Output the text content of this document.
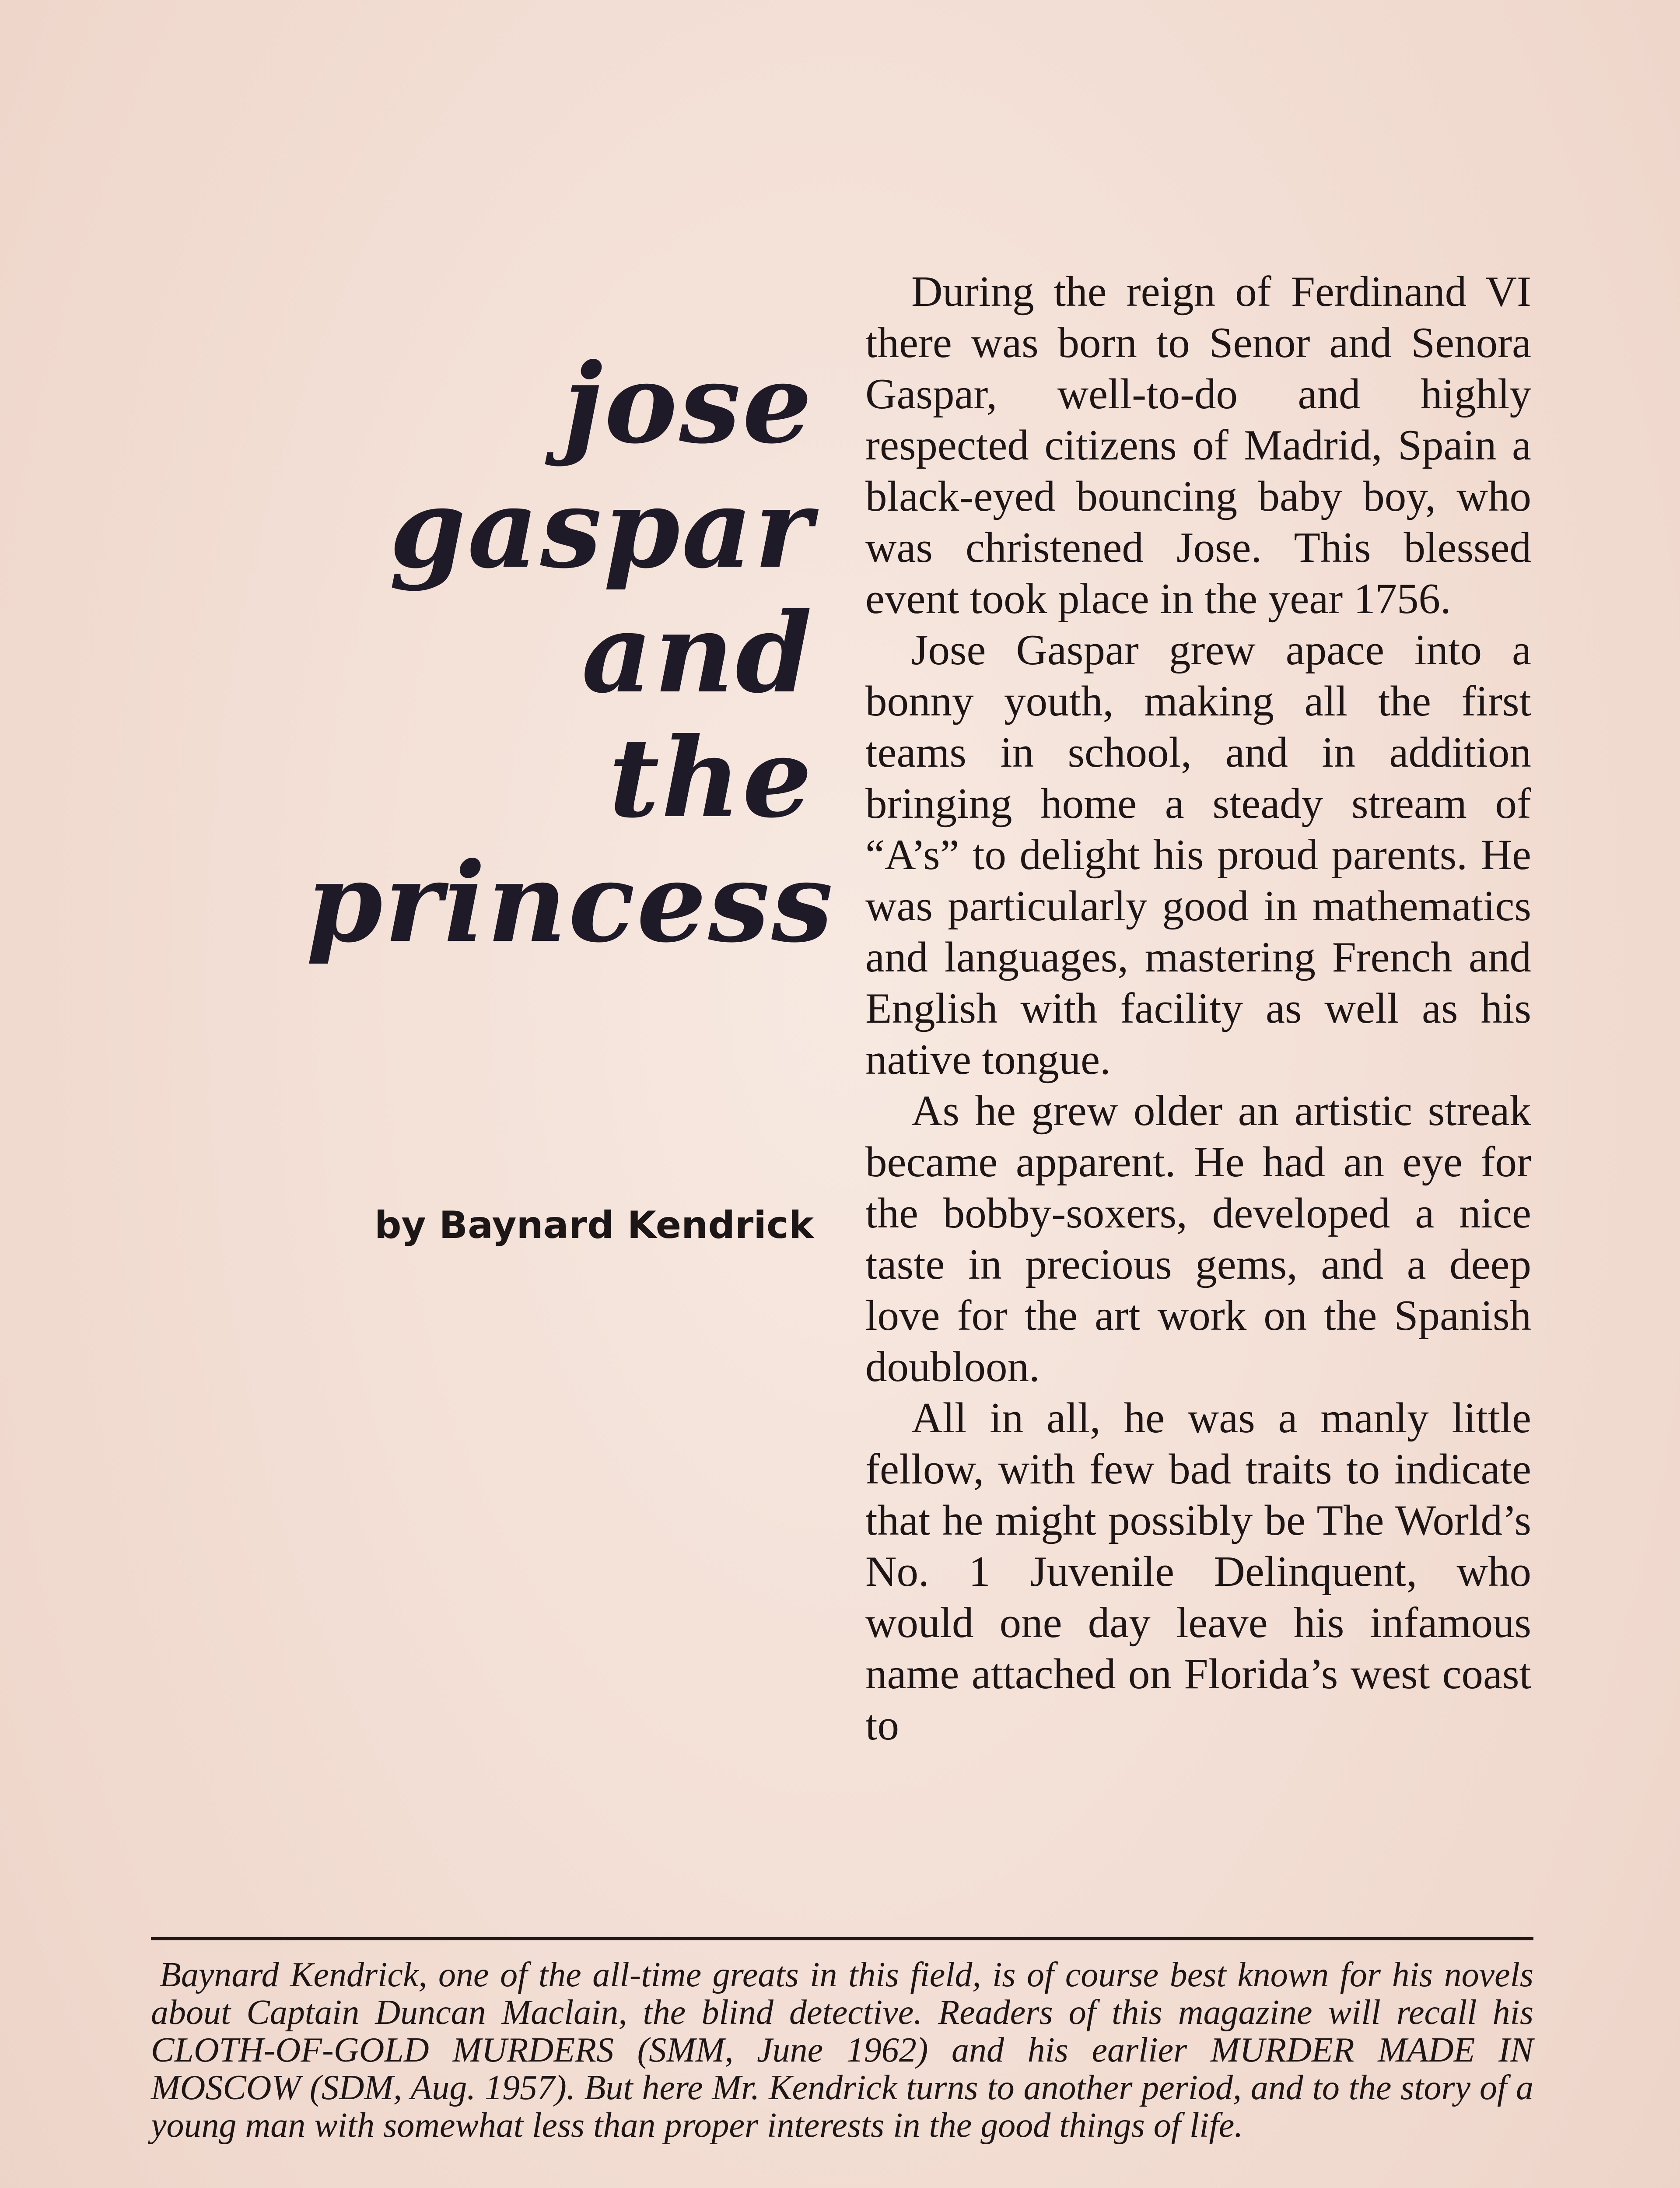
jose
gaspar
and
the
princess
by Baynard Kendrick

During the reign of Ferdinand VI there was born to Senor and Senora Gaspar, well-to-do and highly respected citizens of Madrid, Spain a black-eyed bouncing baby boy, who was christened Jose. This blessed event took place in the year 1756.

Jose Gaspar grew apace into a bonny youth, making all the first teams in school, and in addition bringing home a steady stream of “A’s” to delight his proud parents. He was particularly good in mathematics and languages, mastering French and English with facility as well as his native tongue.

As he grew older an artistic streak became apparent. He had an eye for the bobby-soxers, developed a nice taste in precious gems, and a deep love for the art work on the Spanish doubloon.

All in all, he was a manly little fellow, with few bad traits to indicate that he might possibly be The World’s No. 1 Juvenile Delinquent, who would one day leave his infamous name attached on Florida’s west coast to

Baynard Kendrick, one of the all-time greats in this field, is of course best known for his novels about Captain Duncan Maclain, the blind detective. Readers of this magazine will recall his CLOTH-OF-GOLD MURDERS (SMM, June 1962) and his earlier MURDER MADE IN MOSCOW (SDM, Aug. 1957). But here Mr. Kendrick turns to another period, and to the story of a young man with somewhat less than proper interests in the good things of life.
